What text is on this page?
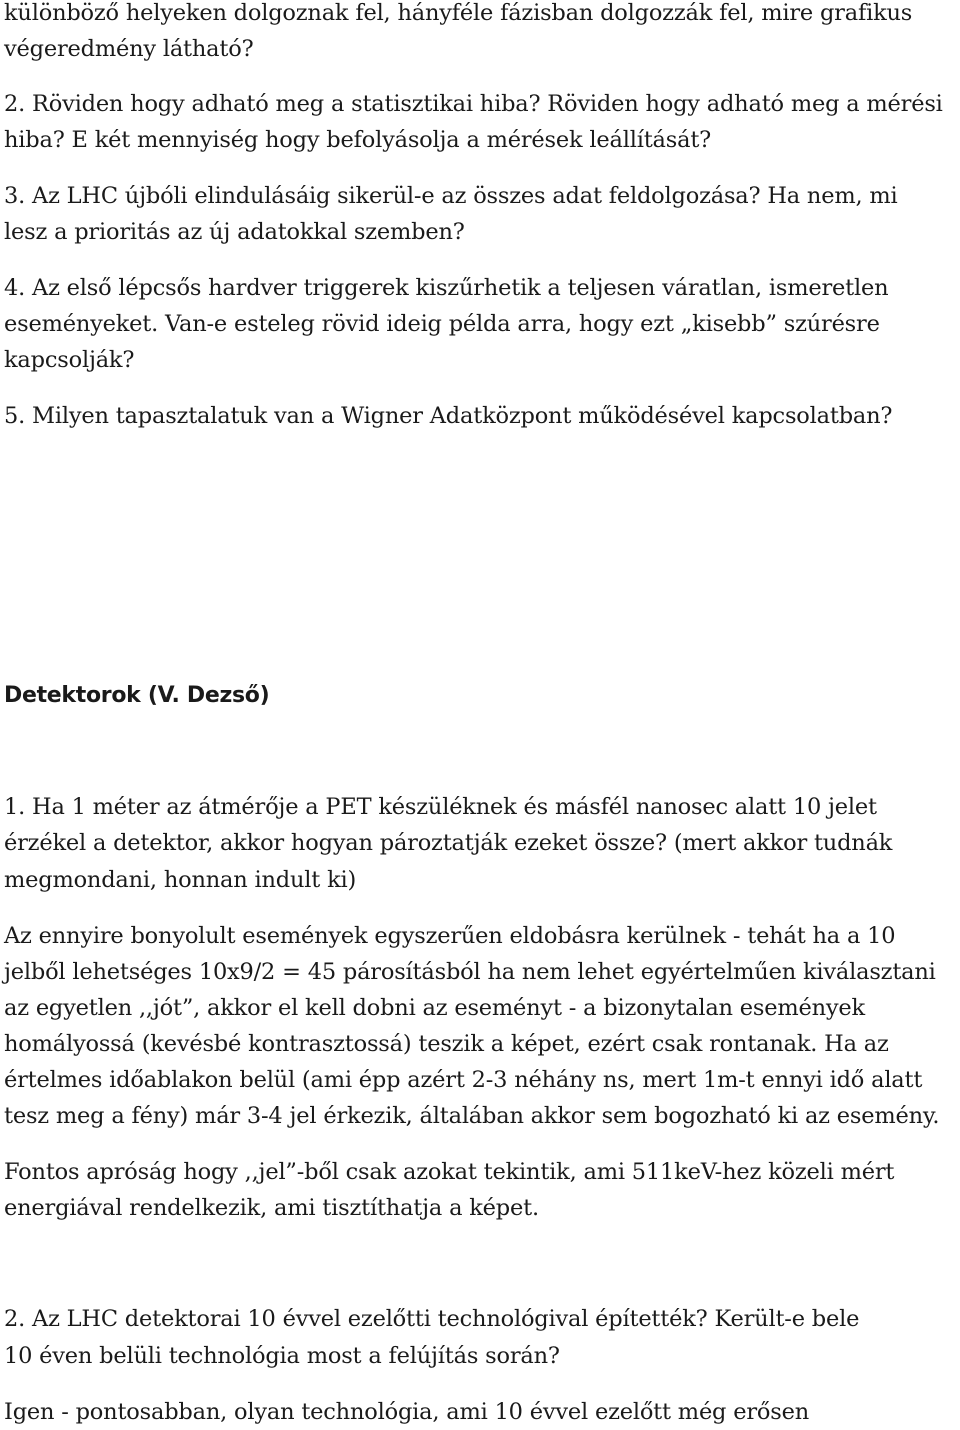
különböző helyeken dolgoznak fel, hányféle fázisban dolgozzák fel, mire grafikus
végeredmény látható?
2. Röviden hogy adható meg a statisztikai hiba? Röviden hogy adható meg a mérési
hiba? E két mennyiség hogy befolyásolja a mérések leállítását?
3. Az LHC újbóli elindulásáig sikerül-e az összes adat feldolgozása? Ha nem, mi
lesz a prioritás az új adatokkal szemben?
4. Az első lépcsős hardver triggerek kiszűrhetik a teljesen váratlan, ismeretlen
eseményeket. Van-e esteleg rövid ideig példa arra, hogy ezt „kisebb” szúrésre
kapcsolják?
5. Milyen tapasztalatuk van a Wigner Adatközpont működésével kapcsolatban?
Detektorok (V. Dezső)
1. Ha 1 méter az átmérője a PET készüléknek és másfél nanosec alatt 10 jelet
érzékel a detektor, akkor hogyan pároztatják ezeket össze? (mert akkor tudnák
megmondani, honnan indult ki)
Az ennyire bonyolult események egyszerűen eldobásra kerülnek - tehát ha a 10
jelből lehetséges 10x9/2 = 45 párosításból ha nem lehet egyértelműen kiválasztani
az egyetlen ,,jót”, akkor el kell dobni az eseményt - a bizonytalan események
homályossá (kevésbé kontrasztossá) teszik a képet, ezért csak rontanak. Ha az
értelmes időablakon belül (ami épp azért 2-3 néhány ns, mert 1m-t ennyi idő alatt
tesz meg a fény) már 3-4 jel érkezik, általában akkor sem bogozható ki az esemény.
Fontos apróság hogy ,,jel”-ből csak azokat tekintik, ami 511keV-hez közeli mért
energiával rendelkezik, ami tisztíthatja a képet.
2. Az LHC detektorai 10 évvel ezelőtti technológival építették? Került-e bele
10 éven belüli technológia most a felújítás során?
Igen - pontosabban, olyan technológia, ami 10 évvel ezelőtt még erősen
